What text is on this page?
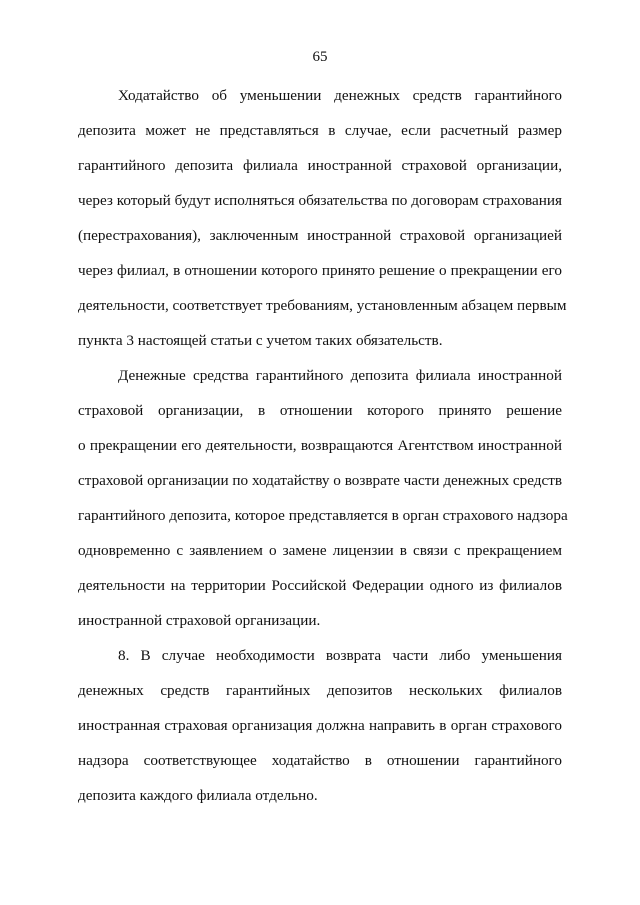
65
Ходатайство об уменьшении денежных средств гарантийного
депозита может не представляться в случае, если расчетный размер
гарантийного депозита филиала иностранной страховой организации,
через который будут исполняться обязательства по договорам страхования
(перестрахования), заключенным иностранной страховой организацией
через филиал, в отношении которого принято решение о прекращении его
деятельности, соответствует требованиям, установленным абзацем первым
пункта 3 настоящей статьи с учетом таких обязательств.
Денежные средства гарантийного депозита филиала иностранной
страховой организации, в отношении которого принято решение
о прекращении его деятельности, возвращаются Агентством иностранной
страховой организации по ходатайству о возврате части денежных средств
гарантийного депозита, которое представляется в орган страхового надзора
одновременно с заявлением о замене лицензии в связи с прекращением
деятельности на территории Российской Федерации одного из филиалов
иностранной страховой организации.
8. В случае необходимости возврата части либо уменьшения
денежных средств гарантийных депозитов нескольких филиалов
иностранная страховая организация должна направить в орган страхового
надзора соответствующее ходатайство в отношении гарантийного
депозита каждого филиала отдельно.
